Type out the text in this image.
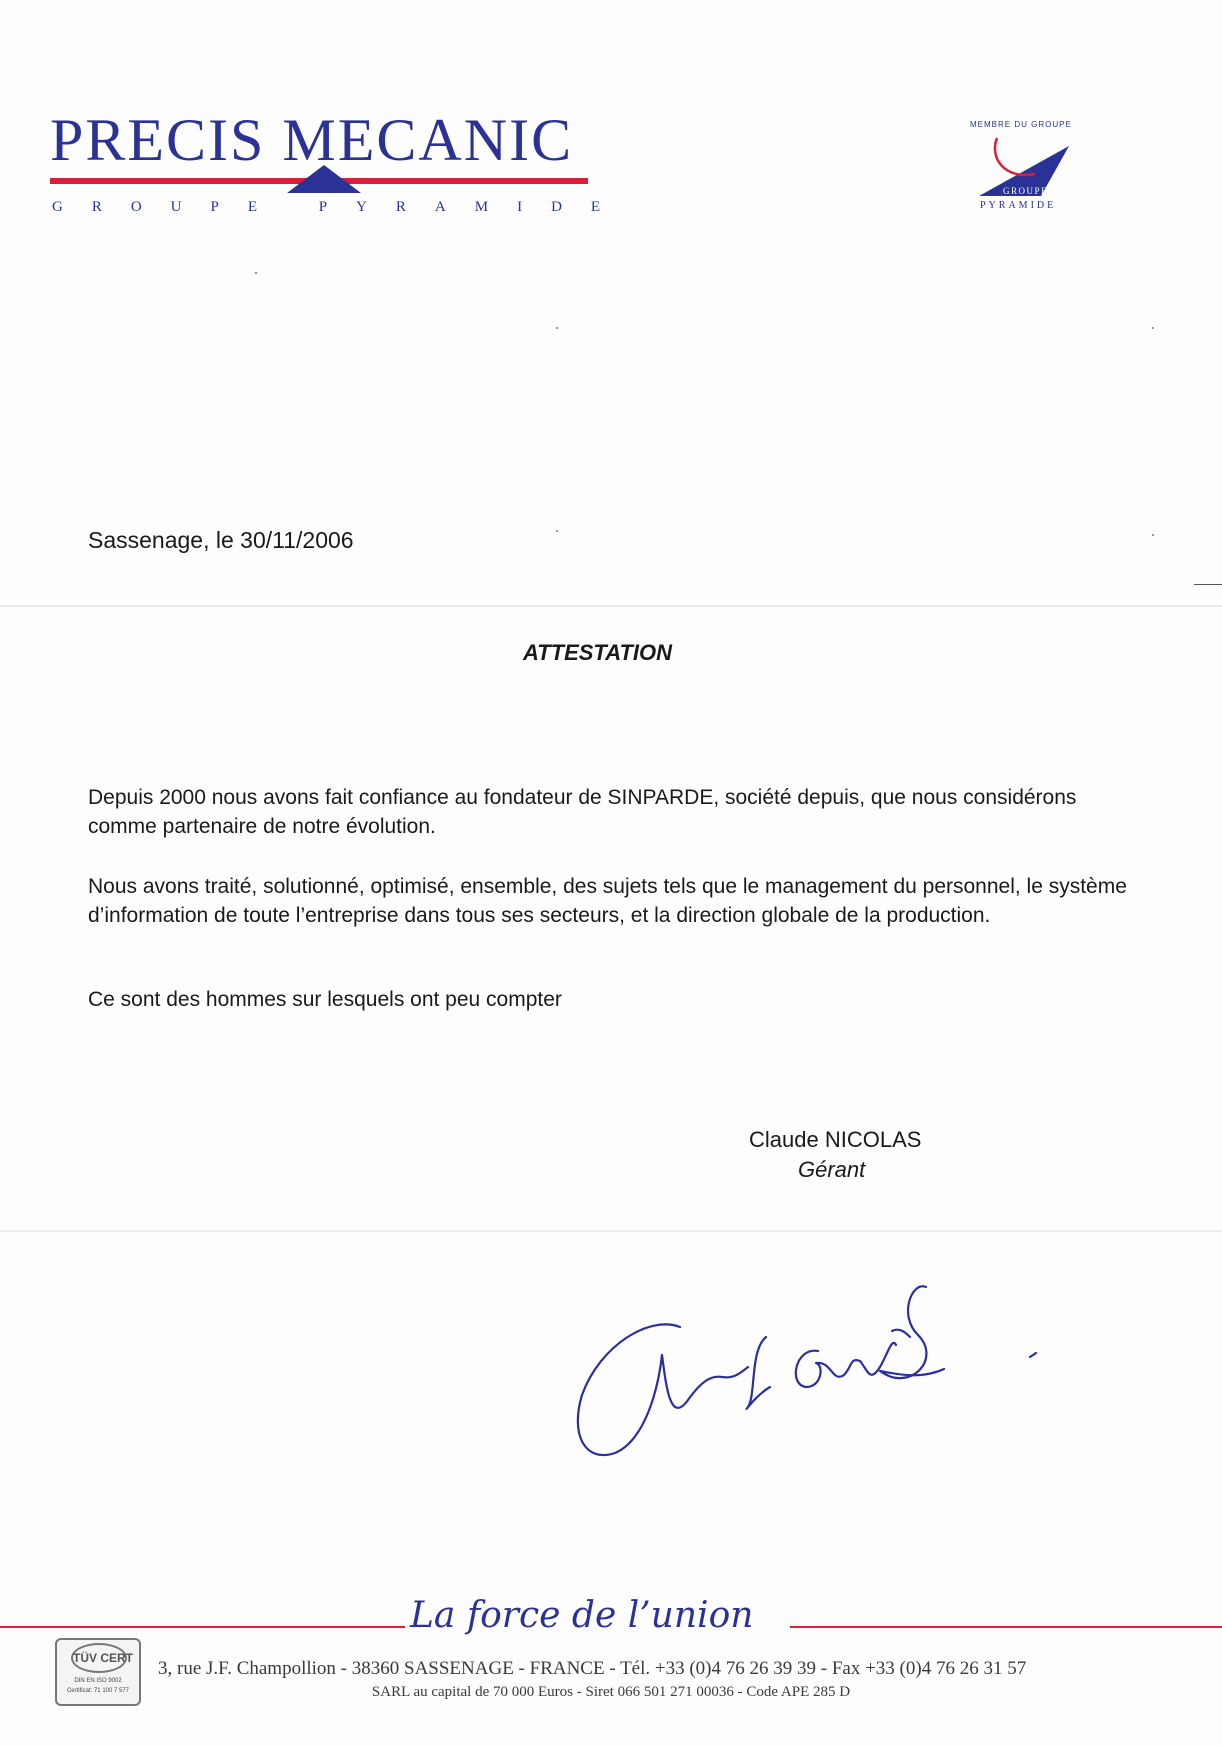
PRECIS MECANIC
GROUPE PYRAMIDE
MEMBRE DU GROUPE
GROUPE
PYRAMIDE
Sassenage, le 30/11/2006
ATTESTATION

Depuis 2000 nous avons fait confiance au fondateur de SINPARDE, société depuis, que nous considérons comme partenaire de notre évolution.

Nous avons traité, solutionné, optimisé, ensemble, des sujets tels que le management du personnel, le système d’information de toute l’entreprise dans tous ses secteurs, et la direction globale de la production.

Ce sont des hommes sur lesquels ont peu compter

Claude NICOLAS
Gérant
La force de l’union
TÜV CERT
DIN EN ISO 9002
Certificat: 71 100 7 577
3, rue J.F. Champollion - 38360 SASSENAGE - FRANCE - Tél. +33 (0)4 76 26 39 39 - Fax +33 (0)4 76 26 31 57
SARL au capital de 70 000 Euros - Siret 066 501 271 00036 - Code APE 285 D
